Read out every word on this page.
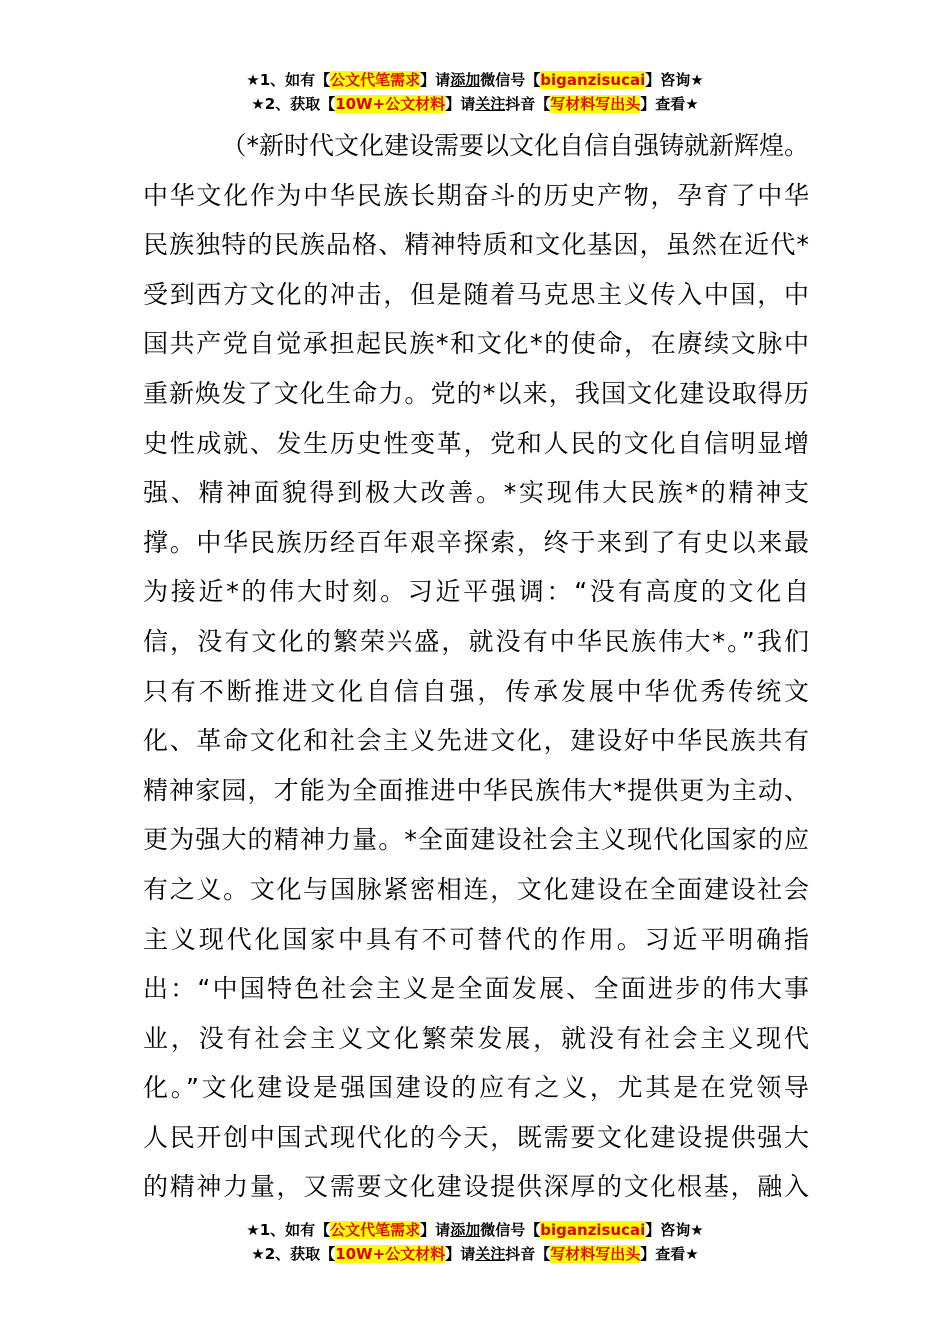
★1、如有【公文代笔需求】请添加微信号【biganzisucai】咨询★
★2、获取【10W+公文材料】请关注抖音【写材料写出头】查看★
（*新时代文化建设需要以文化自信自强铸就新辉煌。
中华文化作为中华民族长期奋斗的历史产物，孕育了中华
民族独特的民族品格、精神特质和文化基因，虽然在近代*
受到西方文化的冲击，但是随着马克思主义传入中国，中
国共产党自觉承担起民族*和文化*的使命，在赓续文脉中
重新焕发了文化生命力。党的*以来，我国文化建设取得历
史性成就、发生历史性变革，党和人民的文化自信明显增
强、精神面貌得到极大改善。*实现伟大民族*的精神支
撑。中华民族历经百年艰辛探索，终于来到了有史以来最
为接近*的伟大时刻。习近平强调：“没有高度的文化自
信，没有文化的繁荣兴盛，就没有中华民族伟大*。”我们
只有不断推进文化自信自强，传承发展中华优秀传统文
化、革命文化和社会主义先进文化，建设好中华民族共有
精神家园，才能为全面推进中华民族伟大*提供更为主动、
更为强大的精神力量。*全面建设社会主义现代化国家的应
有之义。文化与国脉紧密相连，文化建设在全面建设社会
主义现代化国家中具有不可替代的作用。习近平明确指
出：“中国特色社会主义是全面发展、全面进步的伟大事
业，没有社会主义文化繁荣发展，就没有社会主义现代
化。”文化建设是强国建设的应有之义，尤其是在党领导
人民开创中国式现代化的今天，既需要文化建设提供强大
的精神力量，又需要文化建设提供深厚的文化根基，融入
★1、如有【公文代笔需求】请添加微信号【biganzisucai】咨询★
★2、获取【10W+公文材料】请关注抖音【写材料写出头】查看★
